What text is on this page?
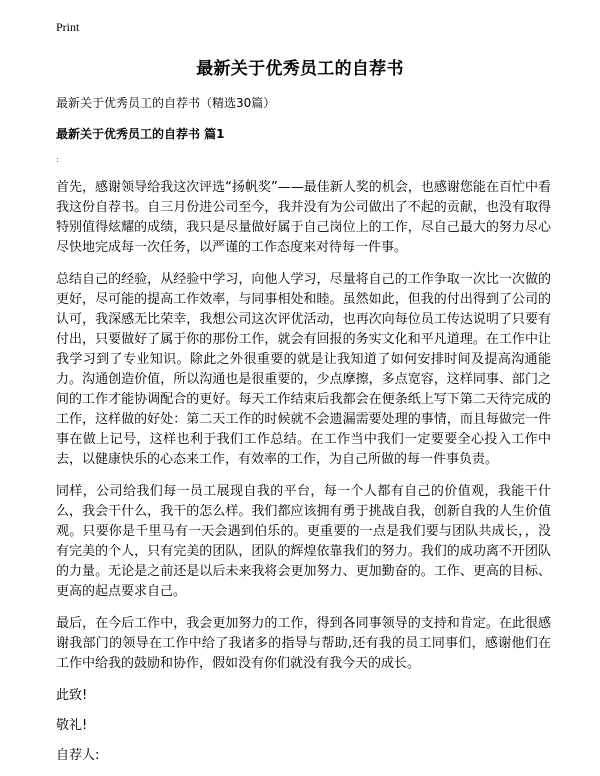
Print
最新关于优秀员工的自荐书
最新关于优秀员工的自荐书（精选30篇）
最新关于优秀员工的自荐书 篇1
:

首先，感谢领导给我这次评选“扬帆奖”——最佳新人奖的机会，也感谢您能在百忙中看我这份自荐书。自三月份进公司至今，我并没有为公司做出了不起的贡献，也没有取得特别值得炫耀的成绩，我只是尽量做好属于自己岗位上的工作，尽自己最大的努力尽心尽快地完成每一次任务，以严谨的工作态度来对待每一件事。

总结自己的经验，从经验中学习，向他人学习，尽量将自己的工作争取一次比一次做的更好，尽可能的提高工作效率，与同事相处和睦。虽然如此，但我的付出得到了公司的认可，我深感无比荣幸，我想公司这次评优活动，也再次向每位员工传达说明了只要有付出，只要做好了属于你的那份工作，就会有回报的务实文化和平凡道理。在工作中让我学习到了专业知识。除此之外很重要的就是让我知道了如何安排时间及提高沟通能力。沟通创造价值，所以沟通也是很重要的，少点摩擦，多点宽容，这样同事、部门之间的工作才能协调配合的更好。每天工作结束后我都会在便条纸上写下第二天待完成的工作，这样做的好处：第二天工作的时候就不会遗漏需要处理的事情，而且每做完一件事在做上记号，这样也利于我们工作总结。在工作当中我们一定要要全心投入工作中去，以健康快乐的心态来工作，有效率的工作，为自己所做的每一件事负责。

同样，公司给我们每一员工展现自我的平台，每一个人都有自己的价值观，我能干什么，我会干什么，我干的怎么样。我们都应该拥有勇于挑战自我，创新自我的人生价值观。只要你是千里马有一天会遇到伯乐的。更重要的一点是我们要与团队共成长，，没有完美的个人，只有完美的团队，团队的辉煌依靠我们的努力。我们的成功离不开团队的力量。无论是之前还是以后未来我将会更加努力、更加勤奋的。工作、更高的目标、更高的起点要求自己。

最后，在今后工作中，我会更加努力的工作，得到各同事领导的支持和肯定。在此很感谢我部门的领导在工作中给了我诸多的指导与帮助,还有我的员工同事们，感谢他们在工作中给我的鼓励和协作，假如没有你们就没有我今天的成长。

此致!

敬礼!

自荐人:
